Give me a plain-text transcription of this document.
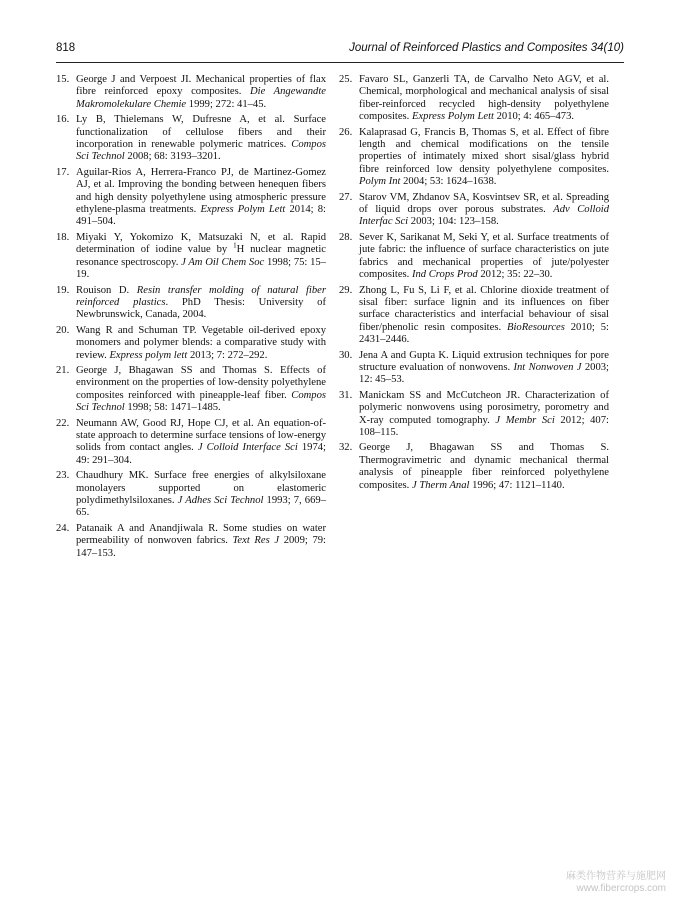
818	Journal of Reinforced Plastics and Composites 34(10)
15. George J and Verpoest JI. Mechanical properties of flax fibre reinforced epoxy composites. Die Angewandte Makromolekulare Chemie 1999; 272: 41–45.
16. Ly B, Thielemans W, Dufresne A, et al. Surface functionalization of cellulose fibers and their incorporation in renewable polymeric matrices. Compos Sci Technol 2008; 68: 3193–3201.
17. Aguilar-Rios A, Herrera-Franco PJ, de Martinez-Gomez AJ, et al. Improving the bonding between henequen fibers and high density polyethylene using atmospheric pressure ethylene-plasma treatments. Express Polym Lett 2014; 8: 491–504.
18. Miyaki Y, Yokomizo K, Matsuzaki N, et al. Rapid determination of iodine value by $^1$H nuclear magnetic resonance spectroscopy. J Am Oil Chem Soc 1998; 75: 15–19.
19. Rouison D. Resin transfer molding of natural fiber reinforced plastics. PhD Thesis: University of Newbrunswick, Canada, 2004.
20. Wang R and Schuman TP. Vegetable oil-derived epoxy monomers and polymer blends: a comparative study with review. Express polym lett 2013; 7: 272–292.
21. George J, Bhagawan SS and Thomas S. Effects of environment on the properties of low-density polyethylene composites reinforced with pineapple-leaf fiber. Compos Sci Technol 1998; 58: 1471–1485.
22. Neumann AW, Good RJ, Hope CJ, et al. An equation-of-state approach to determine surface tensions of low-energy solids from contact angles. J Colloid Interface Sci 1974; 49: 291–304.
23. Chaudhury MK. Surface free energies of alkylsiloxane monolayers supported on elastomeric polydimethylsiloxanes. J Adhes Sci Technol 1993; 7, 669–65.
24. Patanaik A and Anandjiwala R. Some studies on water permeability of nonwoven fabrics. Text Res J 2009; 79: 147–153.
25. Favaro SL, Ganzerli TA, de Carvalho Neto AGV, et al. Chemical, morphological and mechanical analysis of sisal fiber-reinforced recycled high-density polyethylene composites. Express Polym Lett 2010; 4: 465–473.
26. Kalaprasad G, Francis B, Thomas S, et al. Effect of fibre length and chemical modifications on the tensile properties of intimately mixed short sisal/glass hybrid fibre reinforced low density polyethylene composites. Polym Int 2004; 53: 1624–1638.
27. Starov VM, Zhdanov SA, Kosvintsev SR, et al. Spreading of liquid drops over porous substrates. Adv Colloid Interfac Sci 2003; 104: 123–158.
28. Sever K, Sarikanat M, Seki Y, et al. Surface treatments of jute fabric: the influence of surface characteristics on jute fabrics and mechanical properties of jute/polyester composites. Ind Crops Prod 2012; 35: 22–30.
29. Zhong L, Fu S, Li F, et al. Chlorine dioxide treatment of sisal fiber: surface lignin and its influences on fiber surface characteristics and interfacial behaviour of sisal fiber/phenolic resin composites. BioResources 2010; 5: 2431–2446.
30. Jena A and Gupta K. Liquid extrusion techniques for pore structure evaluation of nonwovens. Int Nonwoven J 2003; 12: 45–53.
31. Manickam SS and McCutcheon JR. Characterization of polymeric nonwovens using porosimetry, porometry and X-ray computed tomography. J Membr Sci 2012; 407: 108–115.
32. George J, Bhagawan SS and Thomas S. Thermogravimetric and dynamic mechanical thermal analysis of pineapple fiber reinforced polyethylene composites. J Therm Anal 1996; 47: 1121–1140.
麻类作物营养与施肥网
www.fibercrops.com
